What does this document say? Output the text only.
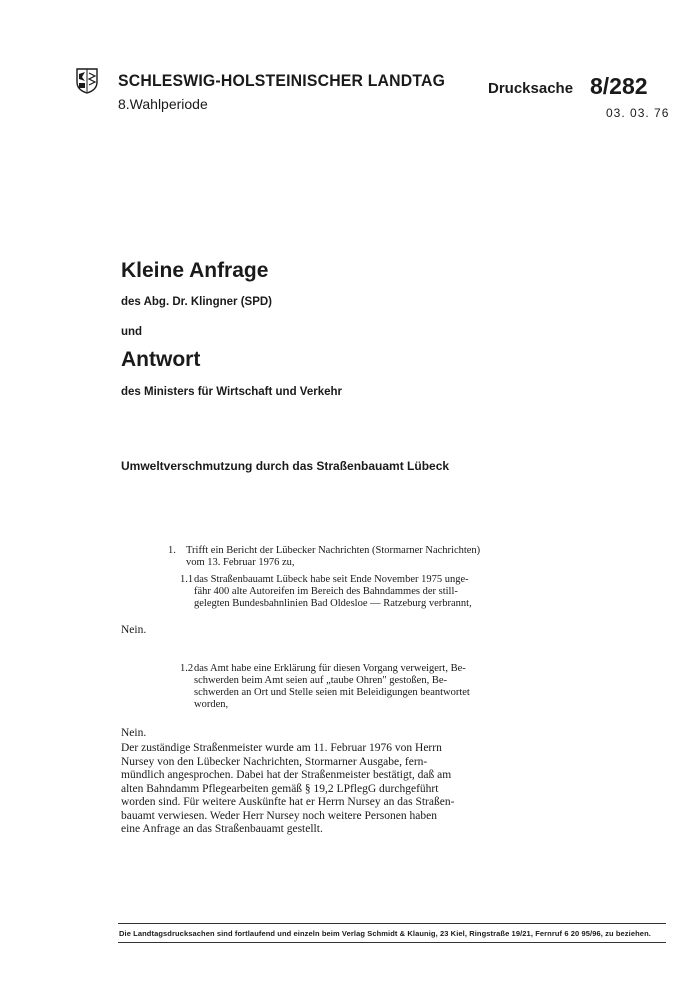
SCHLESWIG-HOLSTEINISCHER LANDTAG
8.Wahlperiode
Drucksache 8/282
03. 03. 76
Kleine Anfrage
des Abg. Dr. Klingner (SPD)
und
Antwort
des Ministers für Wirtschaft und Verkehr
Umweltverschmutzung durch das Straßenbauamt Lübeck
1. Trifft ein Bericht der Lübecker Nachrichten (Stormarner Nachrichten)
vom 13. Februar 1976 zu,
1.1 das Straßenbauamt Lübeck habe seit Ende November 1975 unge-
fähr 400 alte Autoreifen im Bereich des Bahndammes der still-
gelegten Bundesbahnlinien Bad Oldesloe — Ratzeburg verbrannt,
Nein.
1.2 das Amt habe eine Erklärung für diesen Vorgang verweigert, Be-
schwerden beim Amt seien auf „taube Ohren" gestoßen, Be-
schwerden an Ort und Stelle seien mit Beleidigungen beantwortet
worden,
Nein.
Der zuständige Straßenmeister wurde am 11. Februar 1976 von Herrn
Nursey von den Lübecker Nachrichten, Stormarner Ausgabe, fern-
mündlich angesprochen. Dabei hat der Straßenmeister bestätigt, daß am
alten Bahndamm Pflegearbeiten gemäß § 19,2 LPflegG durchgeführt
worden sind. Für weitere Auskünfte hat er Herrn Nursey an das Straßen-
bauamt verwiesen. Weder Herr Nursey noch weitere Personen haben
eine Anfrage an das Straßenbauamt gestellt.
Die Landtagsdrucksachen sind fortlaufend und einzeln beim Verlag Schmidt & Klaunig, 23 Kiel, Ringstraße 19/21, Fernruf 6 20 95/96, zu beziehen.
